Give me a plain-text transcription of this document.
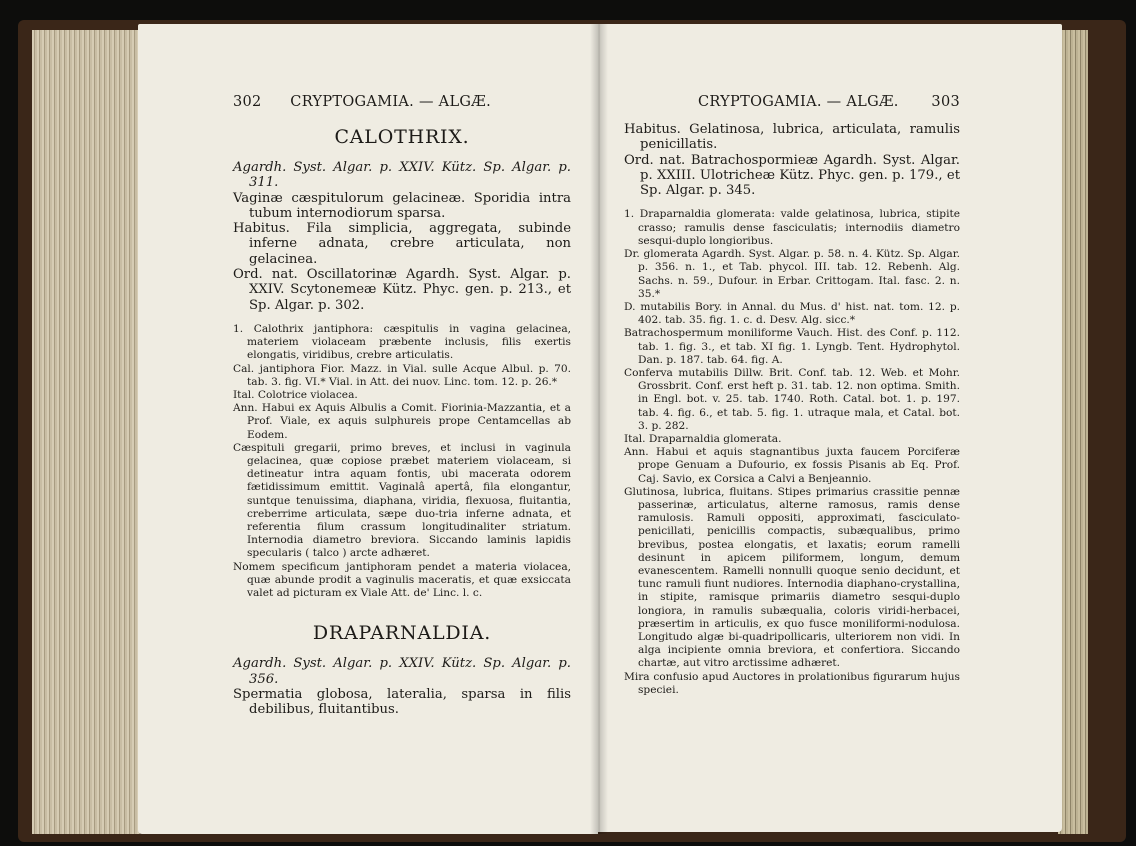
302 CRYPTOGAMIA. — ALGÆ.
CALOTHRIX.

Agardh. Syst. Algar. p. XXIV. Kütz. Sp. Algar. p. 311.

Vaginæ cæspitulorum gelacineæ. Sporidia intra tubum internodiorum sparsa.

Habitus. Fila simplicia, aggregata, subinde inferne adnata, crebre articulata, non gelacinea.

Ord. nat. Oscillatorinæ Agardh. Syst. Algar. p. XXIV. Scytonemeæ Kütz. Phyc. gen. p. 213., et Sp. Algar. p. 302.

1. Calothrix jantiphora: cæspitulis in vagina gelacinea, materiem violaceam præbente inclusis, filis exertis elongatis, viridibus, crebre articulatis.

Cal. jantiphora Fior. Mazz. in Vial. sulle Acque Albul. p. 70. tab. 3. fig. VI.* Vial. in Att. dei nuov. Linc. tom. 12. p. 26.*

Ital. Colotrice violacea.

Ann. Habui ex Aquis Albulis a Comit. Fiorinia-Mazzantia, et a Prof. Viale, ex aquis sulphureis prope Centamcellas ab Eodem.

Cæspituli gregarii, primo breves, et inclusi in vaginula gelacinea, quæ copiose præbet materiem violaceam, si detineatur intra aquam fontis, ubi macerata odorem fætidissimum emittit. Vaginalâ apertâ, fila elongantur, suntque tenuissima, diaphana, viridia, flexuosa, fluitantia, creberrime articulata, sæpe duo-tria inferne adnata, et referentia filum crassum longitudinaliter striatum. Internodia diametro breviora. Siccando laminis lapidis specularis ( talco ) arcte adhæret.

Nomem specificum jantiphoram pendet a materia violacea, quæ abunde prodit a vaginulis maceratis, et quæ exsiccata valet ad picturam ex Viale Att. de' Linc. l. c.

DRAPARNALDIA.

Agardh. Syst. Algar. p. XXIV. Kütz. Sp. Algar. p. 356.

Spermatia globosa, lateralia, sparsa in filis debilibus, fluitantibus.

CRYPTOGAMIA. — ALGÆ. 303

Habitus. Gelatinosa, lubrica, articulata, ramulis penicillatis.

Ord. nat. Batrachospormieæ Agardh. Syst. Algar. p. XXIII. Ulotricheæ Kütz. Phyc. gen. p. 179., et Sp. Algar. p. 345.

1. Draparnaldia glomerata: valde gelatinosa, lubrica, stipite crasso; ramulis dense fasciculatis; internodiis diametro sesqui-duplo longioribus.

Dr. glomerata Agardh. Syst. Algar. p. 58. n. 4. Kütz. Sp. Algar. p. 356. n. 1., et Tab. phycol. III. tab. 12. Rebenh. Alg. Sachs. n. 59., Dufour. in Erbar. Crittogam. Ital. fasc. 2. n. 35.*

D. mutabilis Bory. in Annal. du Mus. d' hist. nat. tom. 12. p. 402. tab. 35. fig. 1. c. d. Desv. Alg. sicc.*

Batrachospermum moniliforme Vauch. Hist. des Conf. p. 112. tab. 1. fig. 3., et tab. XI fig. 1. Lyngb. Tent. Hydrophytol. Dan. p. 187. tab. 64. fig. A.

Conferva mutabilis Dillw. Brit. Conf. tab. 12. Web. et Mohr. Grossbrit. Conf. erst heft p. 31. tab. 12. non optima. Smith. in Engl. bot. v. 25. tab. 1740. Roth. Catal. bot. 1. p. 197. tab. 4. fig. 6., et tab. 5. fig. 1. utraque mala, et Catal. bot. 3. p. 282.

Ital. Draparnaldia glomerata.

Ann. Habui et aquis stagnantibus juxta faucem Porciferæ prope Genuam a Dufourio, ex fossis Pisanis ab Eq. Prof. Caj. Savio, ex Corsica a Calvi a Benjeannio.

Glutinosa, lubrica, fluitans. Stipes primarius crassitie pennæ passerinæ, articulatus, alterne ramosus, ramis dense ramulosis. Ramuli oppositi, approximati, fasciculato-penicillati, penicillis compactis, subæqualibus, primo brevibus, postea elongatis, et laxatis; eorum ramelli desinunt in apicem piliformem, longum, demum evanescentem. Ramelli nonnulli quoque senio decidunt, et tunc ramuli fiunt nudiores. Internodia diaphano-crystallina, in stipite, ramisque primariis diametro sesqui-duplo longiora, in ramulis subæqualia, coloris viridi-herbacei, præsertim in articulis, ex quo fusce moniliformi-nodulosa. Longitudo algæ bi-quadripollicaris, ulteriorem non vidi. In alga incipiente omnia breviora, et confertiora. Siccando chartæ, aut vitro arctissime adhæret.

Mira confusio apud Auctores in prolationibus figurarum hujus speciei.
